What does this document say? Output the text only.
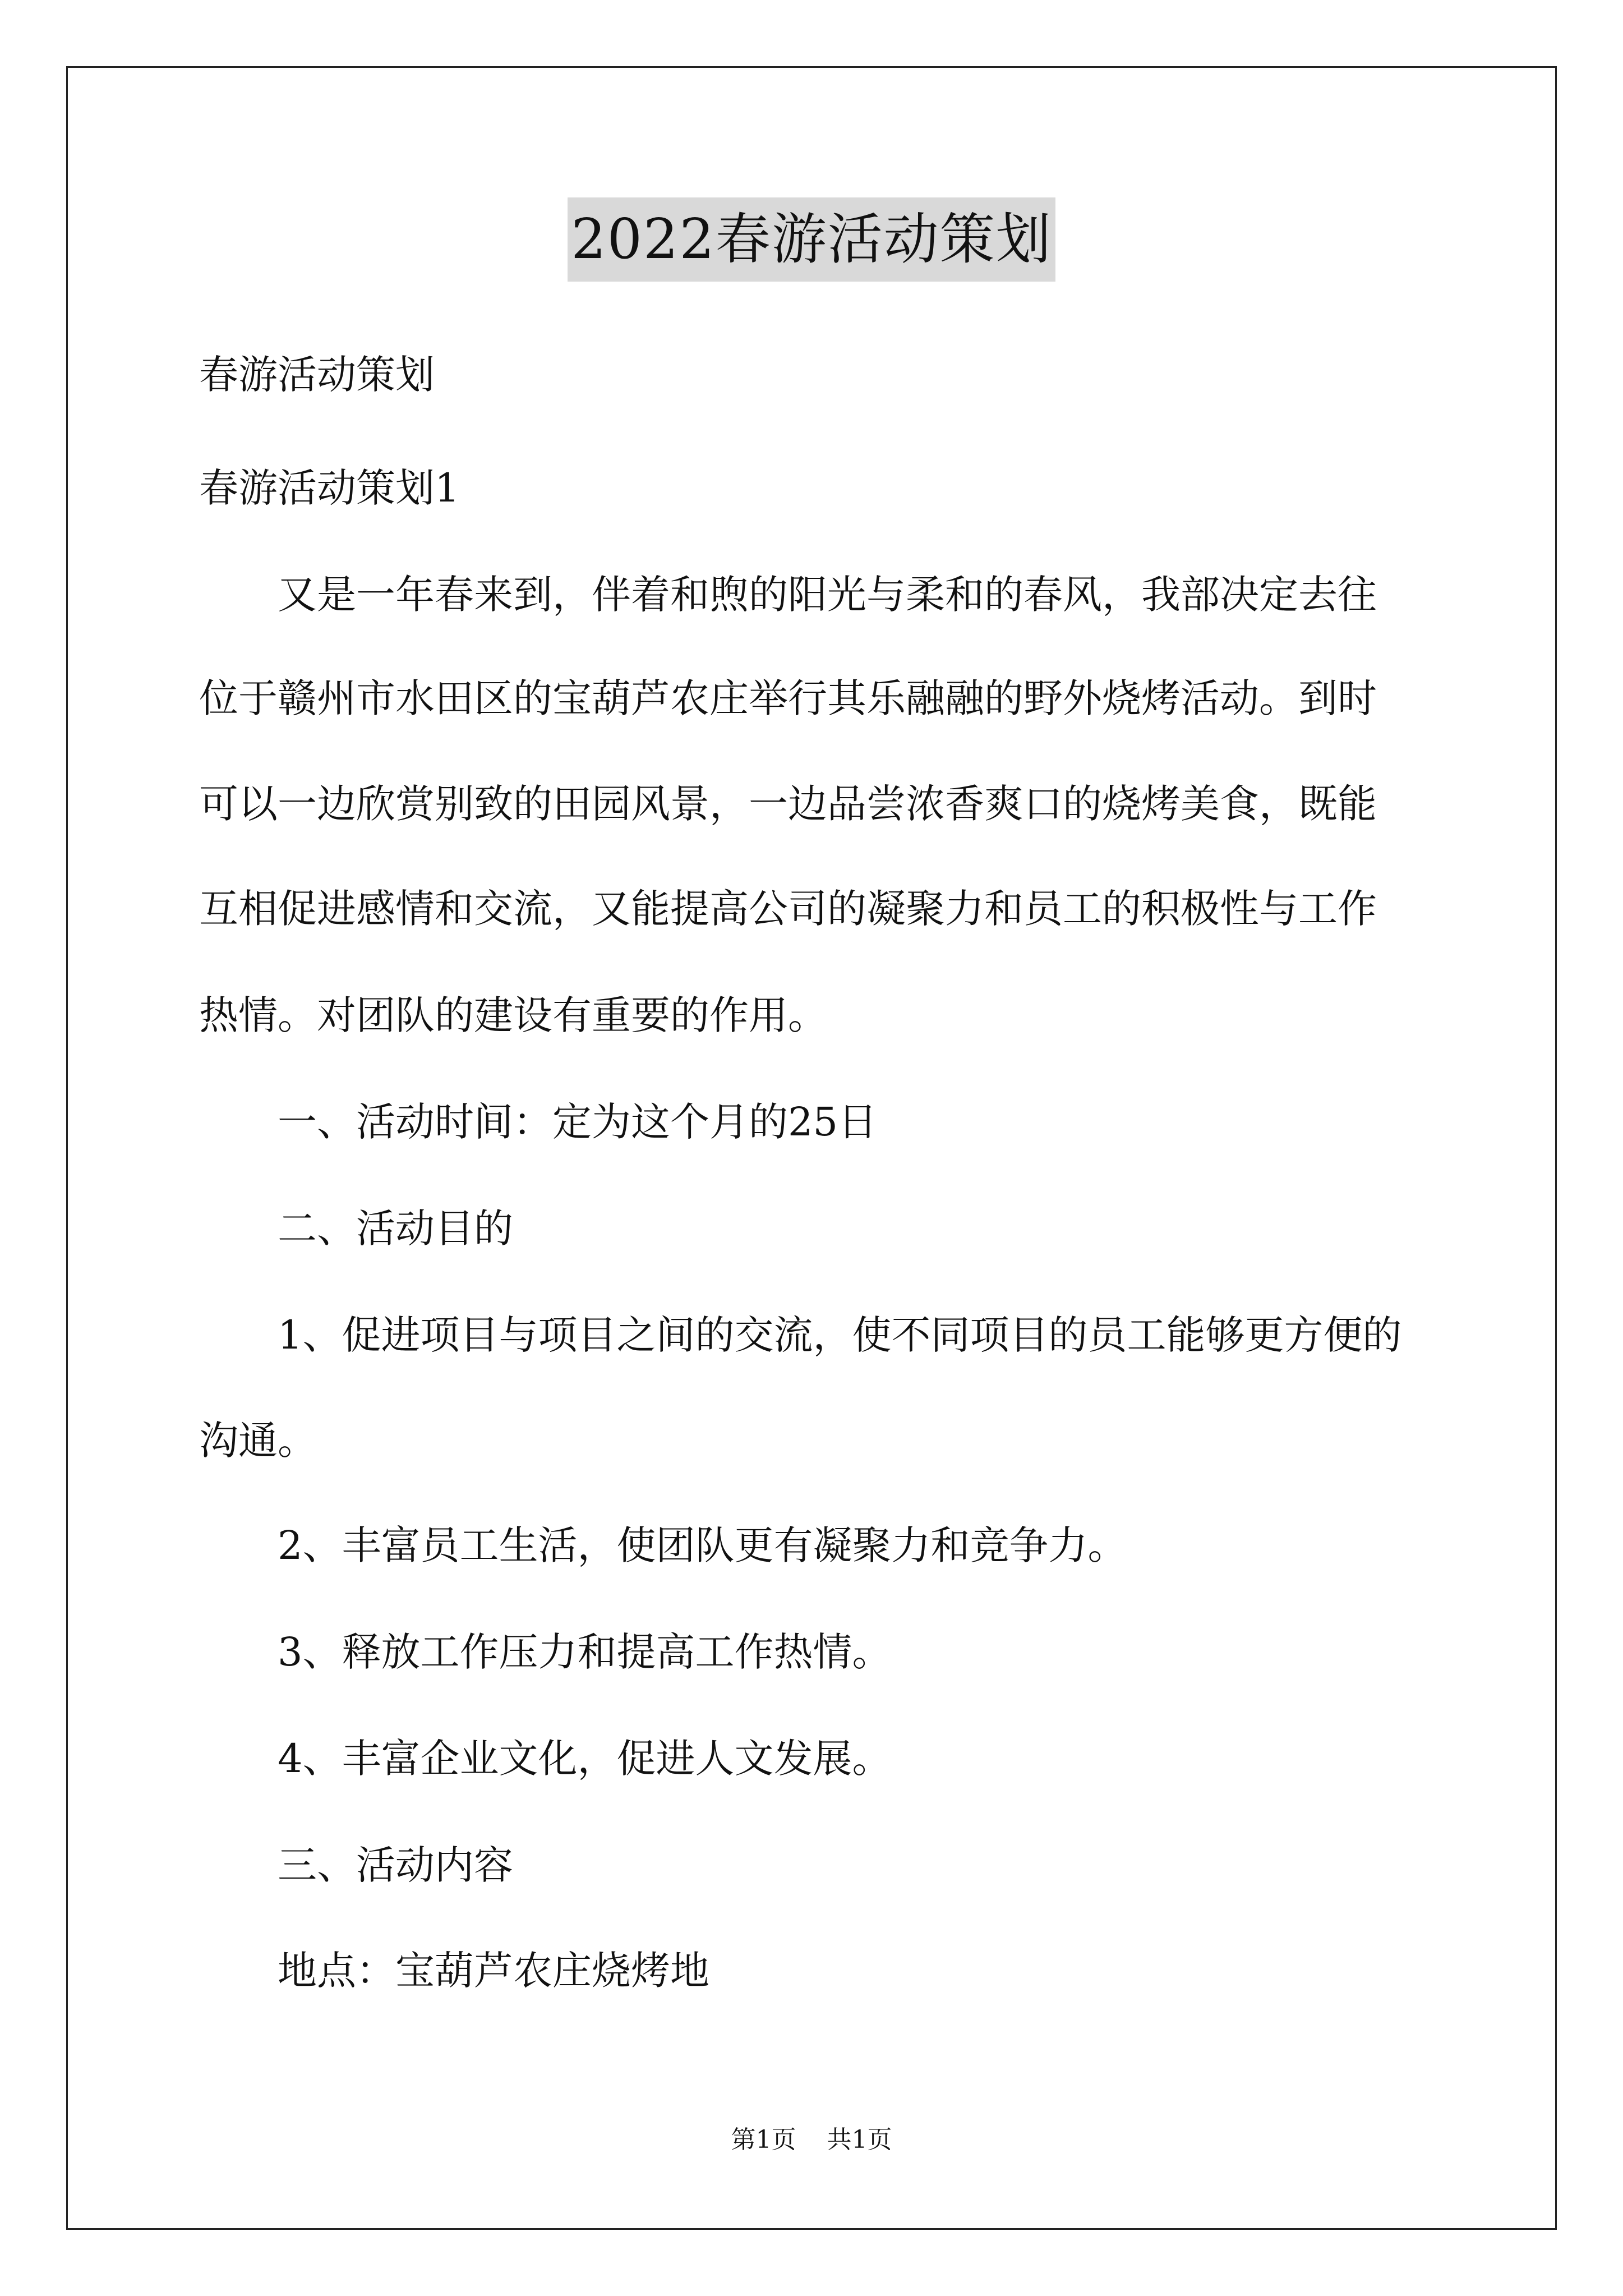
2022春游活动策划
春游活动策划
春游活动策划1
又是一年春来到，伴着和煦的阳光与柔和的春风，我部决定去往
位于赣州市水田区的宝葫芦农庄举行其乐融融的野外烧烤活动。到时
可以一边欣赏别致的田园风景，一边品尝浓香爽口的烧烤美食，既能
互相促进感情和交流，又能提高公司的凝聚力和员工的积极性与工作
热情。对团队的建设有重要的作用。
一、活动时间：定为这个月的25日
二、活动目的
1、促进项目与项目之间的交流，使不同项目的员工能够更方便的
沟通。
2、丰富员工生活，使团队更有凝聚力和竞争力。
3、释放工作压力和提高工作热情。
4、丰富企业文化，促进人文发展。
三、活动内容
地点：宝葫芦农庄烧烤地
第1页 共1页
